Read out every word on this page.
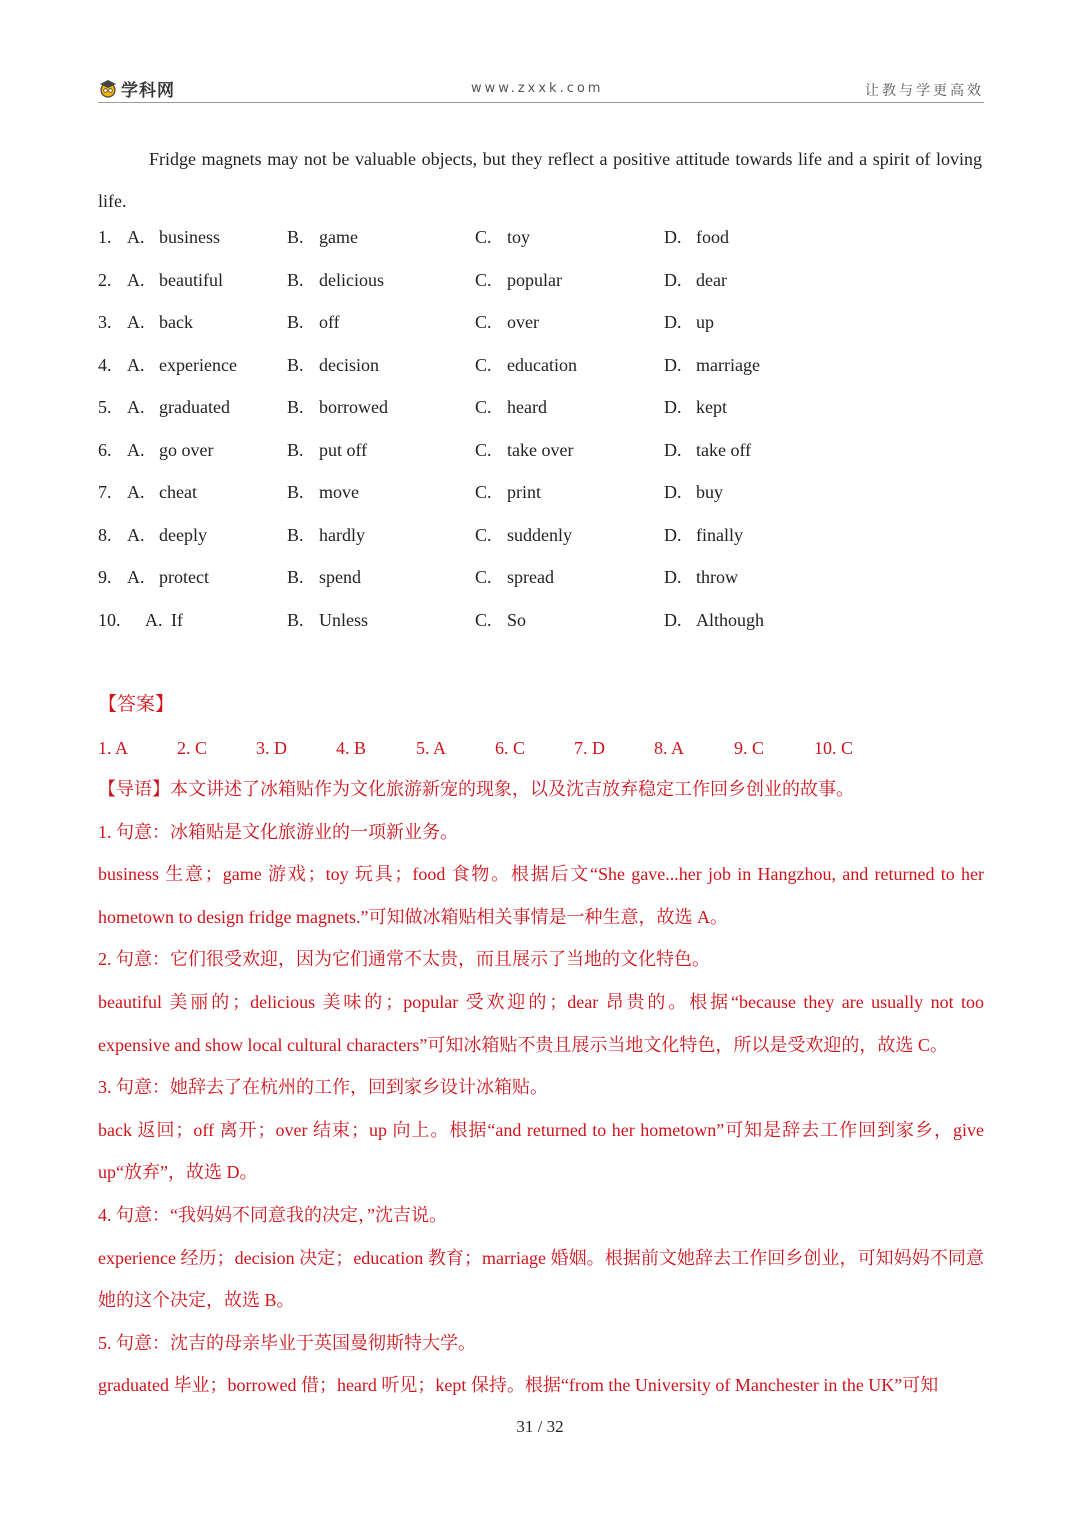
学科网	www.zxxk.com	让教与学更高效
Fridge magnets may not be valuable objects, but they reflect a positive attitude towards life and a spirit of loving life.
1. A. business	B. game	C. toy	D. food
2. A. beautiful	B. delicious	C. popular	D. dear
3. A. back	B. off	C. over	D. up
4. A. experience	B. decision	C. education	D. marriage
5. A. graduated	B. borrowed	C. heard	D. kept
6. A. go over	B. put off	C. take over	D. take off
7. A. cheat	B. move	C. print	D. buy
8. A. deeply	B. hardly	C. suddenly	D. finally
9. A. protect	B. spend	C. spread	D. throw
10. A. If	B. Unless	C. So	D. Although
【答案】
1. A	2. C	3. D	4. B	5. A	6. C	7. D	8. A	9. C	10. C

【导语】本文讲述了冰箱贴作为文化旅游新宠的现象，以及沈吉放弃稳定工作回乡创业的故事。

1. 句意：冰箱贴是文化旅游业的一项新业务。

business 生意；game 游戏；toy 玩具；food 食物。根据后文“She gave...her job in Hangzhou, and returned to her hometown to design fridge magnets.”可知做冰箱贴相关事情是一种生意，故选 A。

2. 句意：它们很受欢迎，因为它们通常不太贵，而且展示了当地的文化特色。

beautiful 美丽的；delicious 美味的；popular 受欢迎的；dear 昂贵的。根据“because they are usually not too expensive and show local cultural characters”可知冰箱贴不贵且展示当地文化特色，所以是受欢迎的，故选 C。

3. 句意：她辞去了在杭州的工作，回到家乡设计冰箱贴。

back 返回；off 离开；over 结束；up 向上。根据“and returned to her hometown”可知是辞去工作回到家乡，give up“放弃”，故选 D。

4. 句意：“我妈妈不同意我的决定，”沈吉说。

experience 经历；decision 决定；education 教育；marriage 婚姻。根据前文她辞去工作回乡创业，可知妈妈不同意她的这个决定，故选 B。

5. 句意：沈吉的母亲毕业于英国曼彻斯特大学。

graduated 毕业；borrowed 借；heard 听见；kept 保持。根据“from the University of Manchester in the UK”可知

31 / 32
